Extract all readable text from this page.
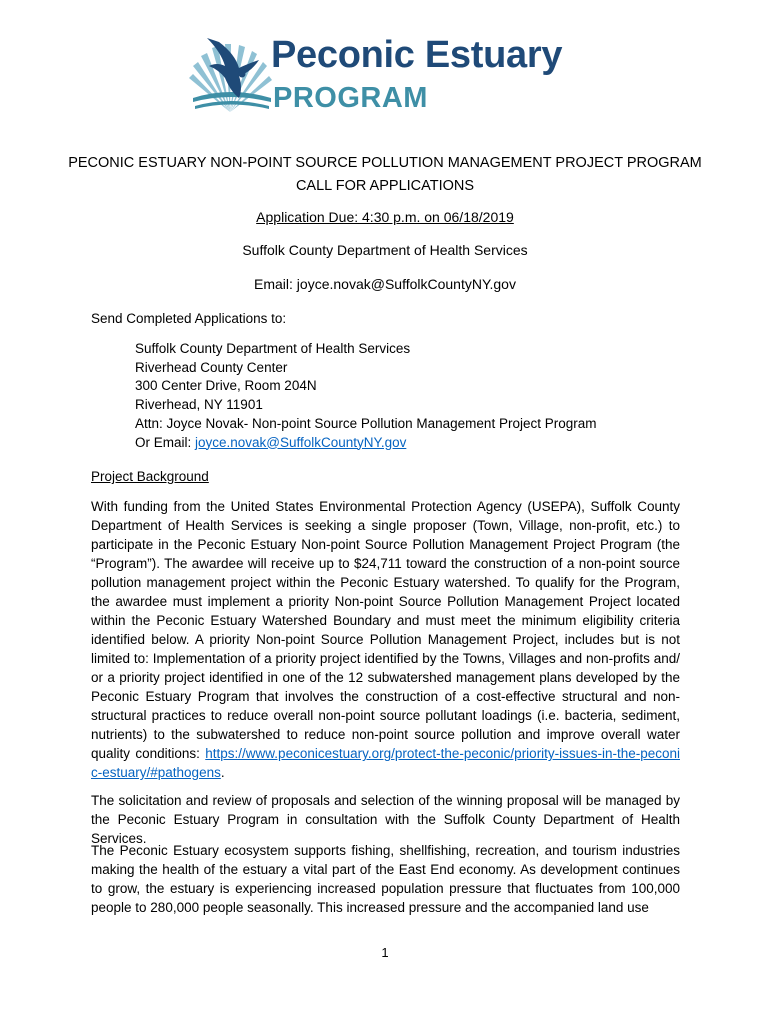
Peconic Estuary
PROGRAM
PECONIC ESTUARY NON-POINT SOURCE POLLUTION MANAGEMENT PROJECT PROGRAM
CALL FOR APPLICATIONS
Application Due: 4:30 p.m. on 06/18/2019
Suffolk County Department of Health Services
Email: joyce.novak@SuffolkCountyNY.gov
Send Completed Applications to:
Suffolk County Department of Health Services
Riverhead County Center
300 Center Drive, Room 204N
Riverhead, NY 11901
Attn: Joyce Novak- Non-point Source Pollution Management Project Program
Or Email: joyce.novak@SuffolkCountyNY.gov
Project Background
With funding from the United States Environmental Protection Agency (USEPA), Suffolk County Department of Health Services is seeking a single proposer (Town, Village, non-profit, etc.) to participate in the Peconic Estuary Non-point Source Pollution Management Project Program (the “Program”). The awardee will receive up to $24,711 toward the construction of a non-point source pollution management project within the Peconic Estuary watershed. To qualify for the Program, the awardee must implement a priority Non-point Source Pollution Management Project located within the Peconic Estuary Watershed Boundary and must meet the minimum eligibility criteria identified below. A priority Non-point Source Pollution Management Project, includes but is not limited to: Implementation of a priority project identified by the Towns, Villages and non-profits and/ or a priority project identified in one of the 12 subwatershed management plans developed by the Peconic Estuary Program that involves the construction of a cost-effective structural and non-structural practices to reduce overall non-point source pollutant loadings (i.e. bacteria, sediment, nutrients) to the subwatershed to reduce non-point source pollution and improve overall water quality conditions: https://www.peconicestuary.org/protect-the-peconic/priority-issues-in-the-peconic-estuary/#pathogens.
The solicitation and review of proposals and selection of the winning proposal will be managed by the Peconic Estuary Program in consultation with the Suffolk County Department of Health Services.
The Peconic Estuary ecosystem supports fishing, shellfishing, recreation, and tourism industries making the health of the estuary a vital part of the East End economy. As development continues to grow, the estuary is experiencing increased population pressure that fluctuates from 100,000 people to 280,000 people seasonally. This increased pressure and the accompanied land use
1
